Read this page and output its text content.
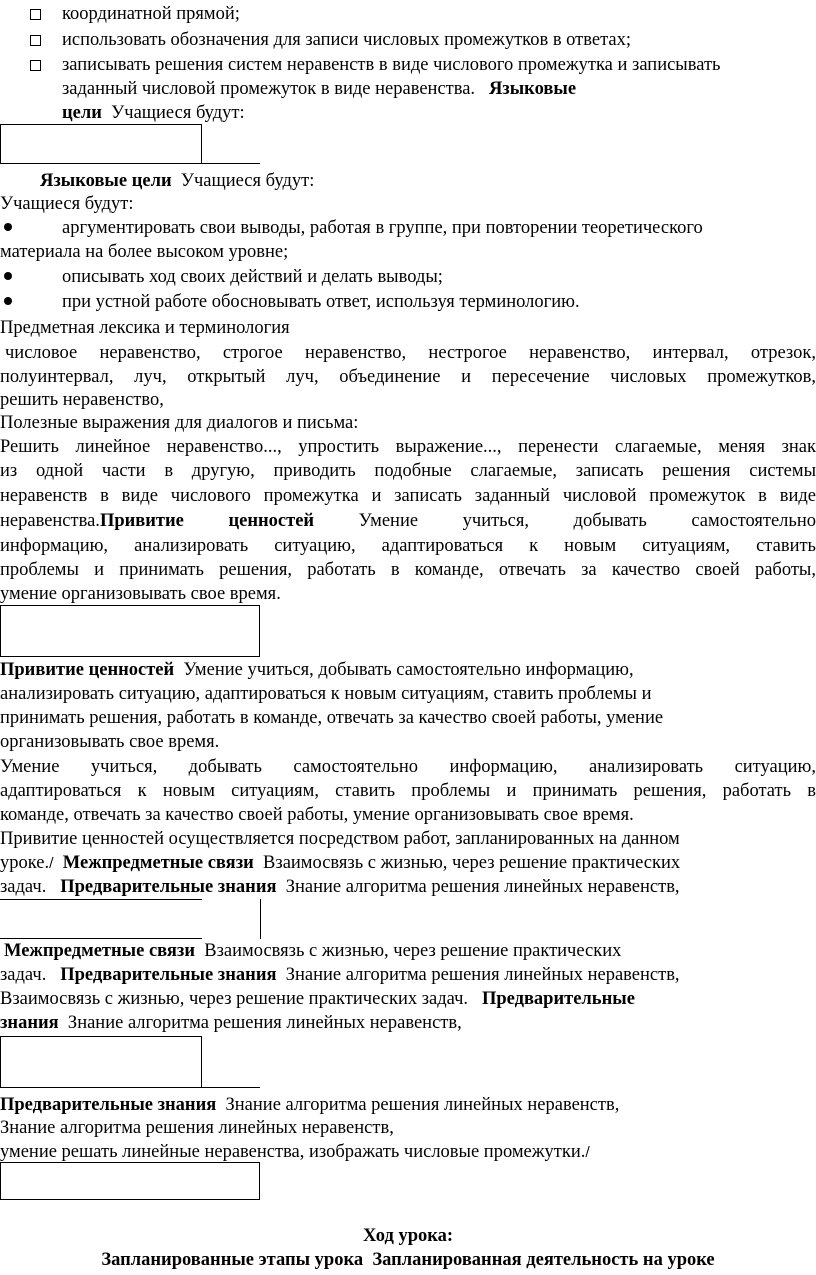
координатной прямой;
использовать обозначения для записи числовых промежутков в ответах;
записывать решения систем неравенств в виде числового промежутка и записывать
заданный числовой промежуток в виде неравенства. Языковые
цели Учащиеся будут:
Языковые цели Учащиеся будут:
Учащиеся будут:
аргументировать свои выводы, работая в группе, при повторении теоретического
материала на более высоком уровне;
описывать ход своих действий и делать выводы;
при устной работе обосновывать ответ, используя терминологию.
Предметная лексика и терминология
числовое неравенство, строгое неравенство, нестрогое неравенство, интервал, отрезок,
полуинтервал, луч, открытый луч, объединение и пересечение числовых промежутков,
решить неравенство,
Полезные выражения для диалогов и письма:
Решить линейное неравенство..., упростить выражение..., перенести слагаемые, меняя знак
из одной части в другую, приводить подобные слагаемые, записать решения системы
неравенств в виде числового промежутка и записать заданный числовой промежуток в виде
неравенства.Привитие ценностей Умение учиться, добывать самостоятельно
информацию, анализировать ситуацию, адаптироваться к новым ситуациям, ставить
проблемы и принимать решения, работать в команде, отвечать за качество своей работы,
умение организовывать свое время.
Привитие ценностей Умение учиться, добывать самостоятельно информацию,
анализировать ситуацию, адаптироваться к новым ситуациям, ставить проблемы и
принимать решения, работать в команде, отвечать за качество своей работы, умение
организовывать свое время.
Умение учиться, добывать самостоятельно информацию, анализировать ситуацию,
адаптироваться к новым ситуациям, ставить проблемы и принимать решения, работать в
команде, отвечать за качество своей работы, умение организовывать свое время.
Привитие ценностей осуществляется посредством работ, запланированных на данном
уроке./  Межпредметные связи Взаимосвязь с жизнью, через решение практических
задач. Предварительные знания Знание алгоритма решения линейных неравенств,
Межпредметные связи Взаимосвязь с жизнью, через решение практических
задач. Предварительные знания Знание алгоритма решения линейных неравенств,
Взаимосвязь с жизнью, через решение практических задач. Предварительные
знания Знание алгоритма решения линейных неравенств,
Предварительные знания Знание алгоритма решения линейных неравенств,
Знание алгоритма решения линейных неравенств,
умение решать линейные неравенства, изображать числовые промежутки./
Ход урока:
Запланированные этапы урока Запланированная деятельность на уроке
